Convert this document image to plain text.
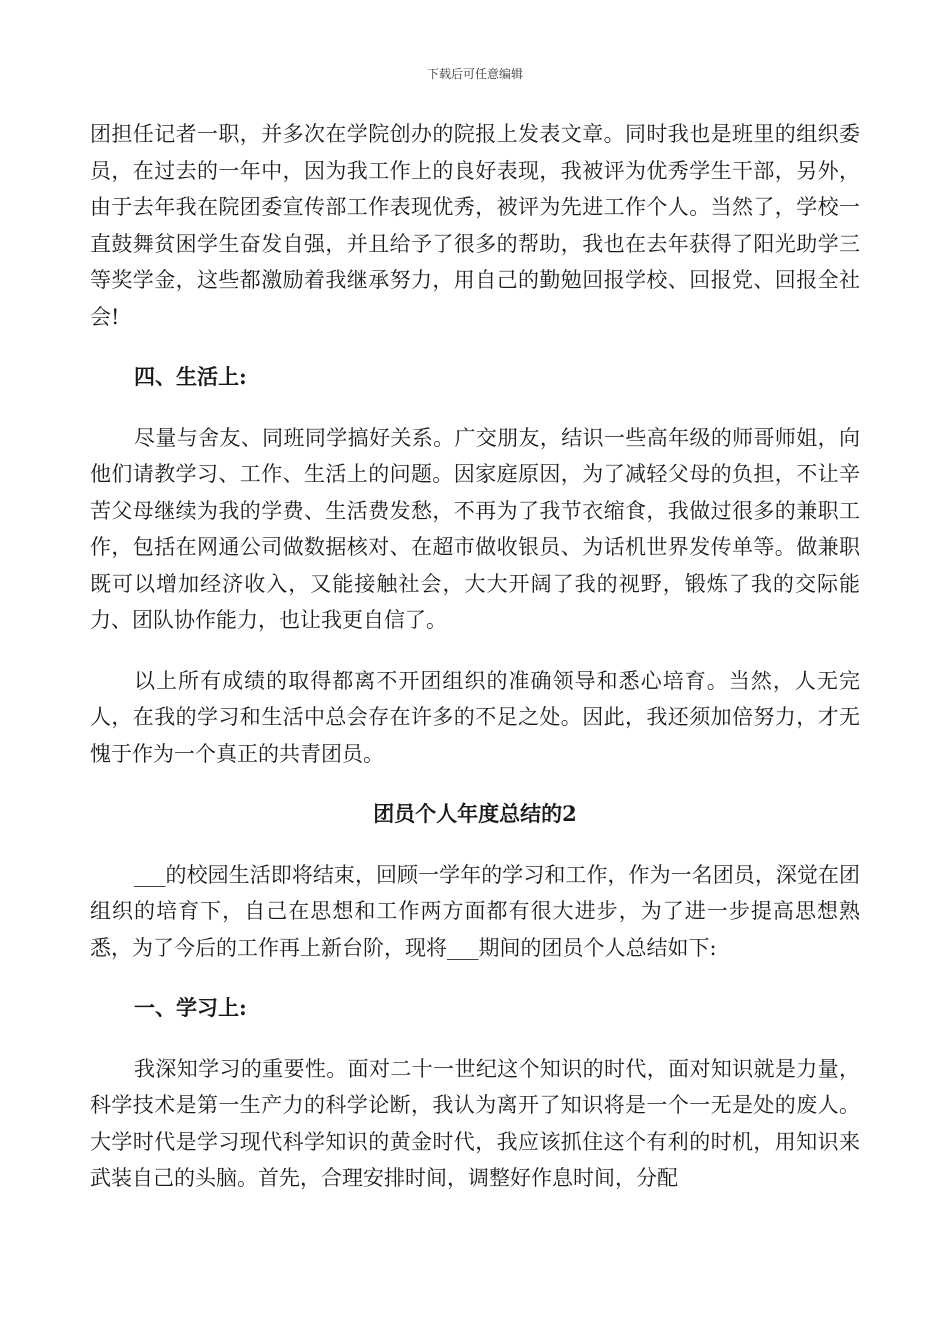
下载后可任意编辑

团担任记者一职，并多次在学院创办的院报上发表文章。同时我也是班里的组织委员，在过去的一年中，因为我工作上的良好表现，我被评为优秀学生干部，另外，由于去年我在院团委宣传部工作表现优秀，被评为先进工作个人。当然了，学校一直鼓舞贫困学生奋发自强，并且给予了很多的帮助，我也在去年获得了阳光助学三等奖学金，这些都激励着我继承努力，用自己的勤勉回报学校、回报党、回报全社会!

四、生活上:

尽量与舍友、同班同学搞好关系。广交朋友，结识一些高年级的师哥师姐，向他们请教学习、工作、生活上的问题。因家庭原因，为了减轻父母的负担，不让辛苦父母继续为我的学费、生活费发愁，不再为了我节衣缩食，我做过很多的兼职工作，包括在网通公司做数据核对、在超市做收银员、为话机世界发传单等。做兼职既可以增加经济收入，又能接触社会，大大开阔了我的视野，锻炼了我的交际能力、团队协作能力，也让我更自信了。

以上所有成绩的取得都离不开团组织的准确领导和悉心培育。当然，人无完人，在我的学习和生活中总会存在许多的不足之处。因此，我还须加倍努力，才无愧于作为一个真正的共青团员。

团员个人年度总结的2

___的校园生活即将结束，回顾一学年的学习和工作，作为一名团员，深觉在团组织的培育下，自己在思想和工作两方面都有很大进步，为了进一步提高思想熟悉，为了今后的工作再上新台阶，现将___期间的团员个人总结如下:

一、学习上:

我深知学习的重要性。面对二十一世纪这个知识的时代，面对知识就是力量，科学技术是第一生产力的科学论断，我认为离开了知识将是一个一无是处的废人。大学时代是学习现代科学知识的黄金时代，我应该抓住这个有利的时机，用知识来武装自己的头脑。首先，合理安排时间，调整好作息时间，分配
